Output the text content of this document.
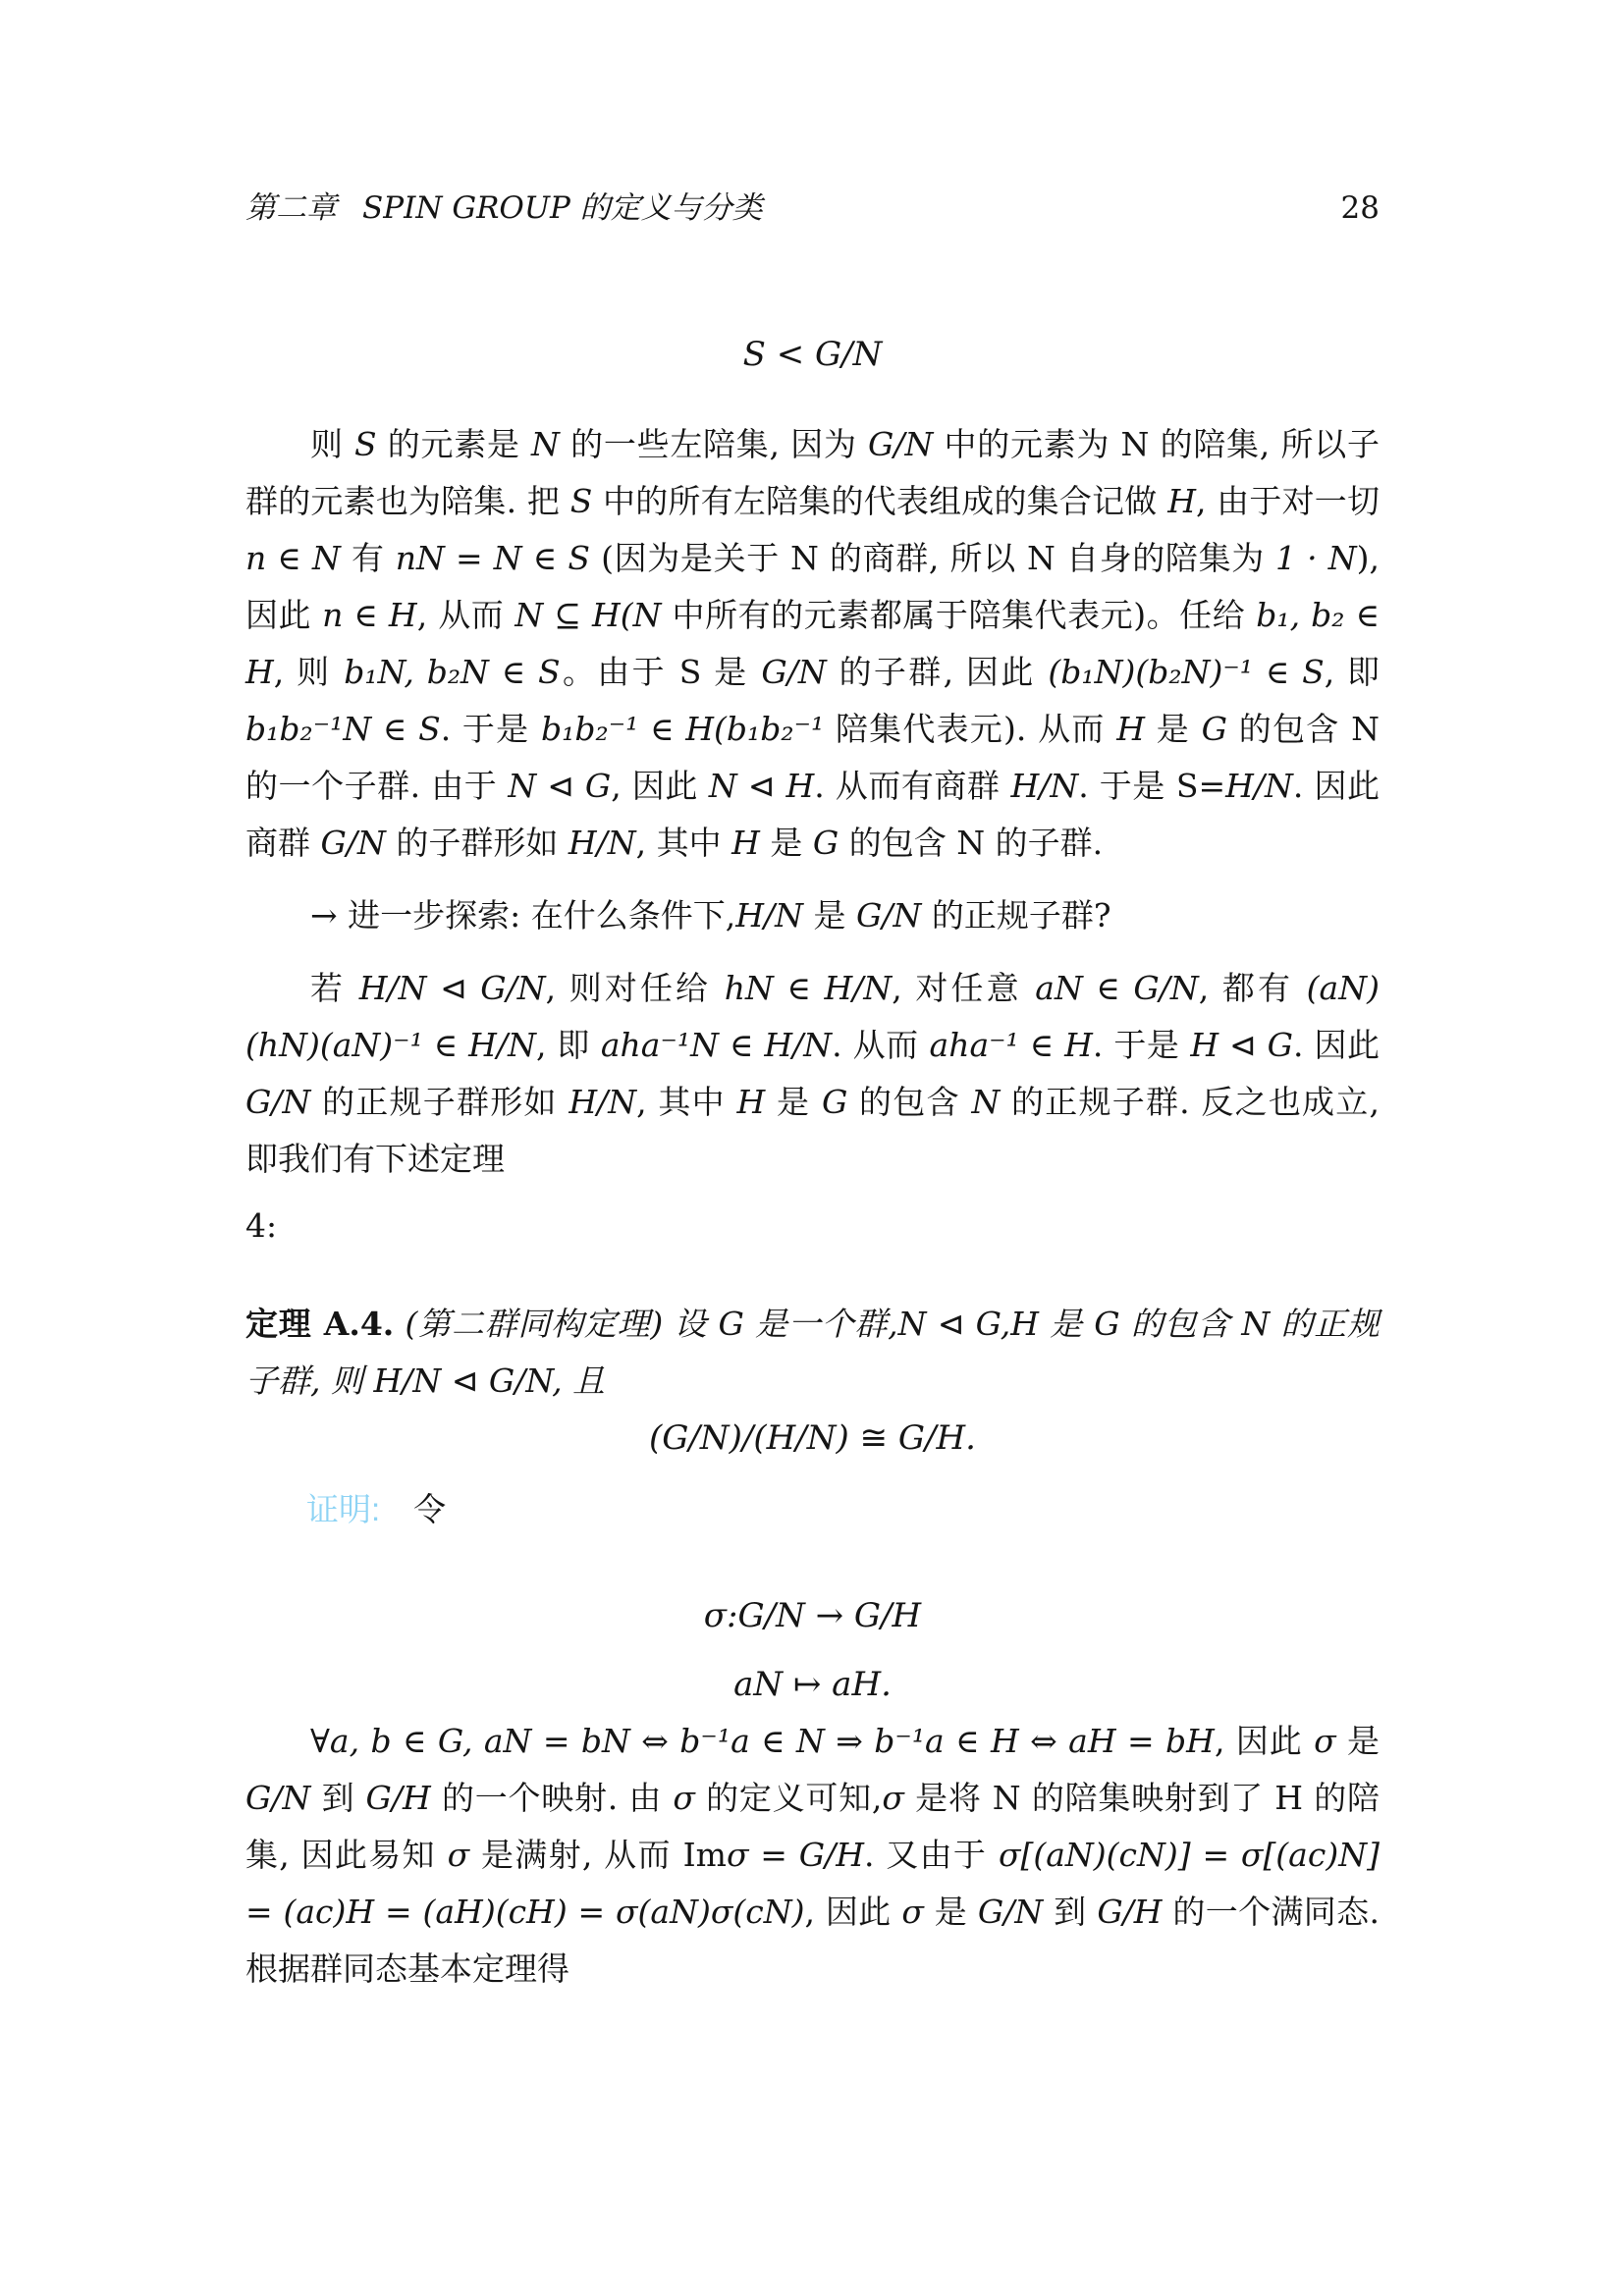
第二章 SPIN GROUP 的定义与分类	28
S < G/N

则 S 的元素是 N 的一些左陪集, 因为 G/N 中的元素为 N 的陪集, 所以子群的元素也为陪集. 把 S 中的所有左陪集的代表组成的集合记做 H, 由于对一切 n ∈ N 有 nN = N ∈ S (因为是关于 N 的商群, 所以 N 自身的陪集为 1 · N), 因此 n ∈ H, 从而 N ⊆ H(N 中所有的元素都属于陪集代表元)。任给 b₁, b₂ ∈ H, 则 b₁N, b₂N ∈ S。由于 S 是 G/N 的子群, 因此 (b₁N)(b₂N)⁻¹ ∈ S, 即 b₁b₂⁻¹N ∈ S. 于是 b₁b₂⁻¹ ∈ H(b₁b₂⁻¹ 陪集代表元). 从而 H 是 G 的包含 N 的一个子群. 由于 N ⊲ G, 因此 N ⊲ H. 从而有商群 H/N. 于是 S=H/N. 因此商群 G/N 的子群形如 H/N, 其中 H 是 G 的包含 N 的子群.

→ 进一步探索: 在什么条件下,H/N 是 G/N 的正规子群?

若 H/N ⊲ G/N, 则对任给 hN ∈ H/N, 对任意 aN ∈ G/N, 都有 (aN)(hN)(aN)⁻¹ ∈ H/N, 即 aha⁻¹N ∈ H/N. 从而 aha⁻¹ ∈ H. 于是 H ⊲ G. 因此 G/N 的正规子群形如 H/N, 其中 H 是 G 的包含 N 的正规子群. 反之也成立, 即我们有下述定理

4:

定理 A.4. (第二群同构定理) 设 G 是一个群,N ⊲ G,H 是 G 的包含 N 的正规子群, 则 H/N ⊲ G/N, 且

(G/N)/(H/N) ≅ G/H.

证明: 令

σ:G/N → G/H
aN ↦ aH.

∀a, b ∈ G, aN = bN ⇔ b⁻¹a ∈ N ⇒ b⁻¹a ∈ H ⇔ aH = bH, 因此 σ 是 G/N 到 G/H 的一个映射. 由 σ 的定义可知,σ 是将 N 的陪集映射到了 H 的陪集, 因此易知 σ 是满射, 从而 Imσ = G/H. 又由于 σ[(aN)(cN)] = σ[(ac)N] = (ac)H = (aH)(cH) = σ(aN)σ(cN), 因此 σ 是 G/N 到 G/H 的一个满同态. 根据群同态基本定理得
